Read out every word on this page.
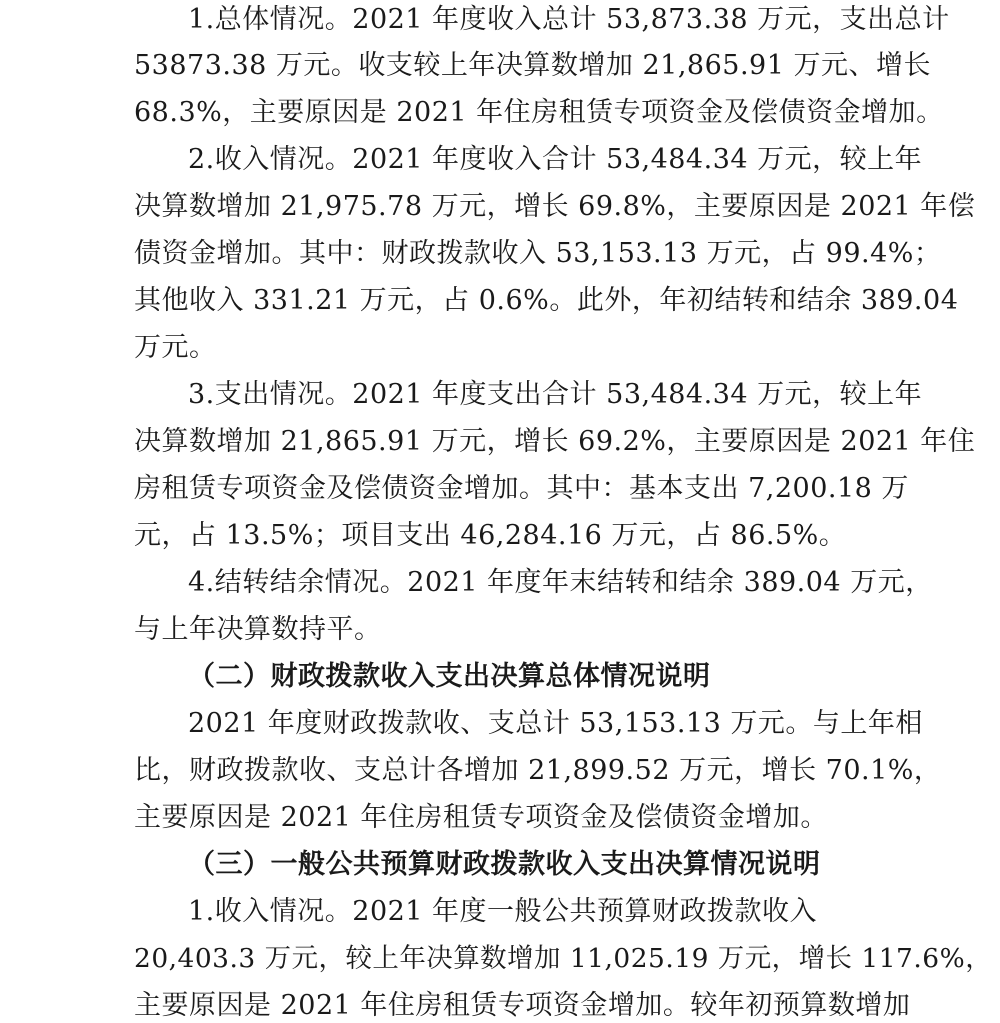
1.总体情况。2021 年度收入总计 53,873.38 万元，支出总计
53873.38 万元。收支较上年决算数增加 21,865.91 万元、增长
68.3%，主要原因是 2021 年住房租赁专项资金及偿债资金增加。
2.收入情况。2021 年度收入合计 53,484.34 万元，较上年
决算数增加 21,975.78 万元，增长 69.8%，主要原因是 2021 年偿
债资金增加。其中：财政拨款收入 53,153.13 万元，占 99.4%；
其他收入 331.21 万元，占 0.6%。此外，年初结转和结余 389.04
万元。
3.支出情况。2021 年度支出合计 53,484.34 万元，较上年
决算数增加 21,865.91 万元，增长 69.2%，主要原因是 2021 年住
房租赁专项资金及偿债资金增加。其中：基本支出 7,200.18 万
元，占 13.5%；项目支出 46,284.16 万元，占 86.5%。
4.结转结余情况。2021 年度年末结转和结余 389.04 万元，
与上年决算数持平。
（二）财政拨款收入支出决算总体情况说明
2021 年度财政拨款收、支总计 53,153.13 万元。与上年相
比，财政拨款收、支总计各增加 21,899.52 万元，增长 70.1%，
主要原因是 2021 年住房租赁专项资金及偿债资金增加。
（三）一般公共预算财政拨款收入支出决算情况说明
1.收入情况。2021 年度一般公共预算财政拨款收入
20,403.3 万元，较上年决算数增加 11,025.19 万元，增长 117.6%，
主要原因是 2021 年住房租赁专项资金增加。较年初预算数增加
